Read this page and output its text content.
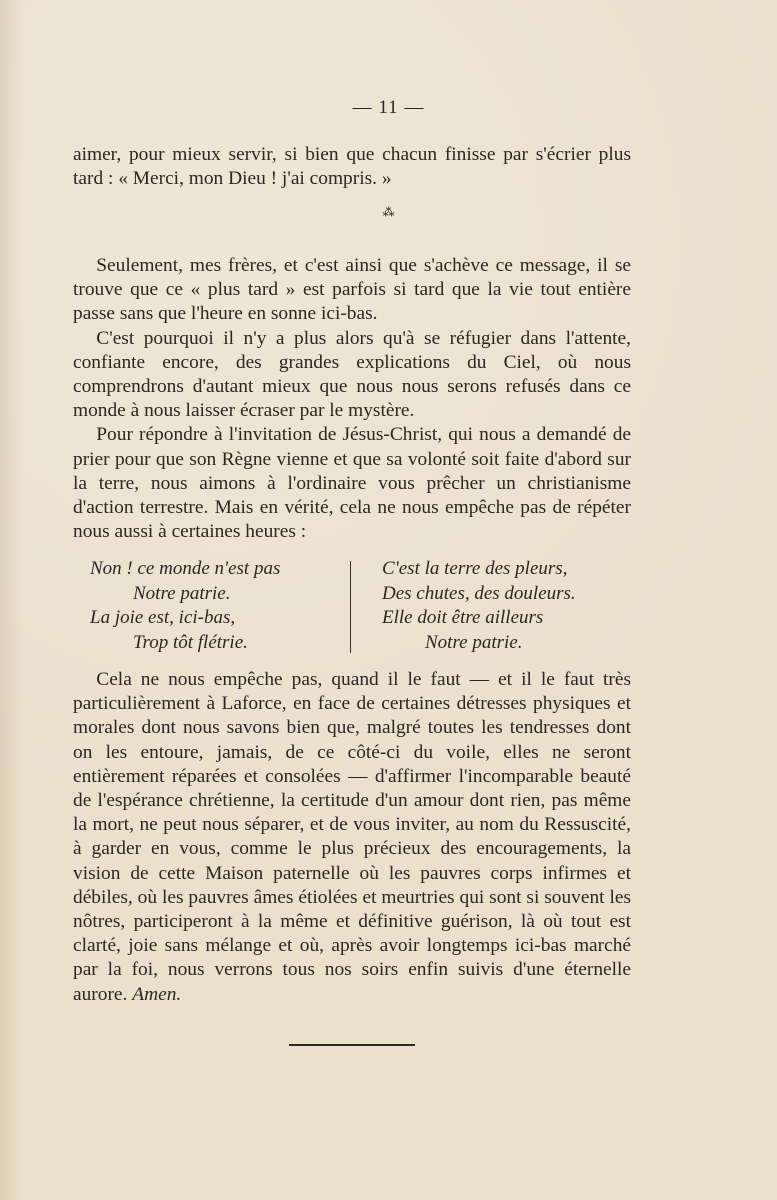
— 11 —

aimer, pour mieux servir, si bien que chacun finisse par s'écrier plus tard : « Merci, mon Dieu ! j'ai compris. »

⁂

Seulement, mes frères, et c'est ainsi que s'achève ce message, il se trouve que ce « plus tard » est parfois si tard que la vie tout entière passe sans que l'heure en sonne ici-bas.

C'est pourquoi il n'y a plus alors qu'à se réfugier dans l'attente, confiante encore, des grandes explications du Ciel, où nous comprendrons d'autant mieux que nous nous serons refusés dans ce monde à nous laisser écraser par le mystère.

Pour répondre à l'invitation de Jésus-Christ, qui nous a demandé de prier pour que son Règne vienne et que sa volonté soit faite d'abord sur la terre, nous aimons à l'ordinaire vous prêcher un christianisme d'action terrestre. Mais en vérité, cela ne nous empêche pas de répéter nous aussi à certaines heures :

Non ! ce monde n'est pas
Notre patrie.
La joie est, ici-bas,
Trop tôt flétrie.
C'est la terre des pleurs,
Des chutes, des douleurs.
Elle doit être ailleurs
Notre patrie.

Cela ne nous empêche pas, quand il le faut — et il le faut très particulièrement à Laforce, en face de certaines détresses physiques et morales dont nous savons bien que, malgré toutes les tendresses dont on les entoure, jamais, de ce côté-ci du voile, elles ne seront entièrement réparées et consolées — d'affirmer l'incomparable beauté de l'espérance chrétienne, la certitude d'un amour dont rien, pas même la mort, ne peut nous séparer, et de vous inviter, au nom du Ressuscité, à garder en vous, comme le plus précieux des encouragements, la vision de cette Maison paternelle où les pauvres corps infirmes et débiles, où les pauvres âmes étiolées et meurtries qui sont si souvent les nôtres, participeront à la même et définitive guérison, là où tout est clarté, joie sans mélange et où, après avoir longtemps ici-bas marché par la foi, nous verrons tous nos soirs enfin suivis d'une éternelle aurore. Amen.
